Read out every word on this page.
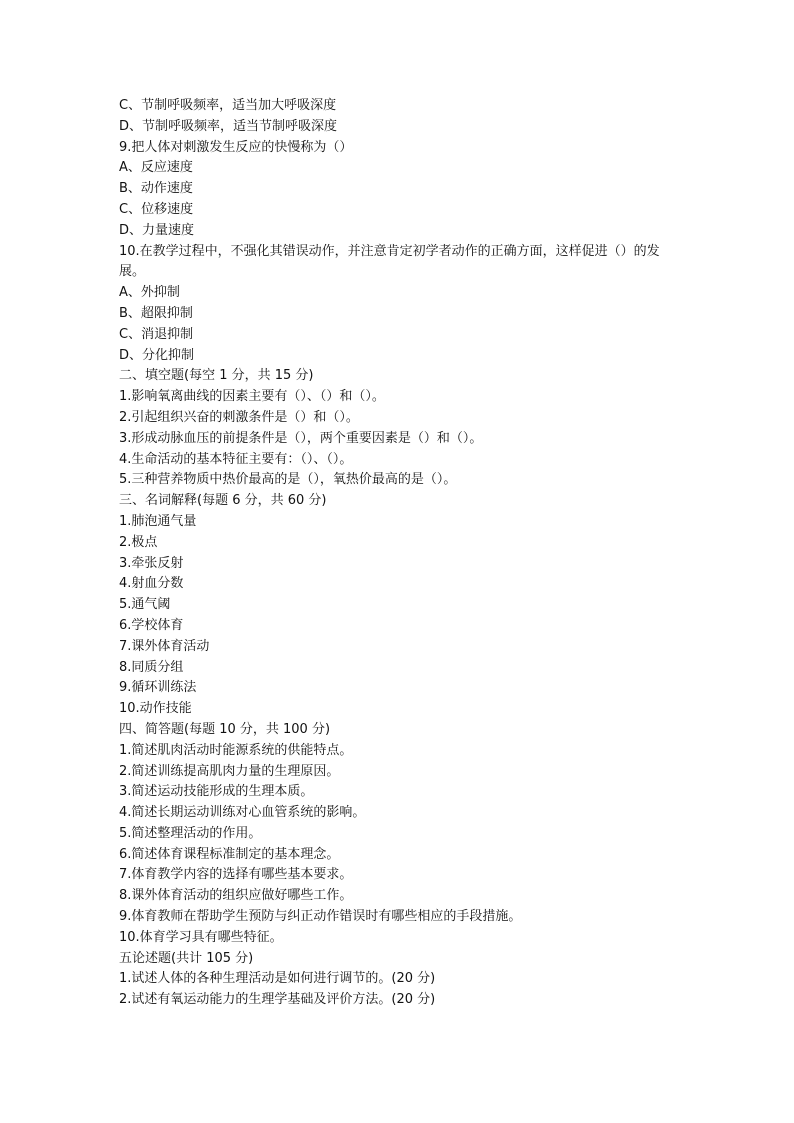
C、节制呼吸频率，适当加大呼吸深度

D、节制呼吸频率，适当节制呼吸深度

9.把人体对刺激发生反应的快慢称为（）

A、反应速度

B、动作速度

C、位移速度

D、力量速度

10.在教学过程中，不强化其错误动作，并注意肯定初学者动作的正确方面，这样促进（）的发展。

A、外抑制

B、超限抑制

C、消退抑制

D、分化抑制

二、填空题(每空 1 分，共 15 分)

1.影响氧离曲线的因素主要有（）、（）和（）。

2.引起组织兴奋的刺激条件是（）和（）。

3.形成动脉血压的前提条件是（），两个重要因素是（）和（）。

4.生命活动的基本特征主要有：（）、（）。

5.三种营养物质中热价最高的是（），氧热价最高的是（）。

三、名词解释(每题 6 分，共 60 分)

1.肺泡通气量

2.极点

3.牵张反射

4.射血分数

5.通气阈

6.学校体育

7.课外体育活动

8.同质分组

9.循环训练法

10.动作技能

四、简答题(每题 10 分，共 100 分)

1.简述肌肉活动时能源系统的供能特点。

2.简述训练提高肌肉力量的生理原因。

3.简述运动技能形成的生理本质。

4.简述长期运动训练对心血管系统的影响。

5.简述整理活动的作用。

6.简述体育课程标准制定的基本理念。

7.体育教学内容的选择有哪些基本要求。

8.课外体育活动的组织应做好哪些工作。

9.体育教师在帮助学生预防与纠正动作错误时有哪些相应的手段措施。

10.体育学习具有哪些特征。

五论述题(共计 105 分)

1.试述人体的各种生理活动是如何进行调节的。(20 分)

2.试述有氧运动能力的生理学基础及评价方法。(20 分)
